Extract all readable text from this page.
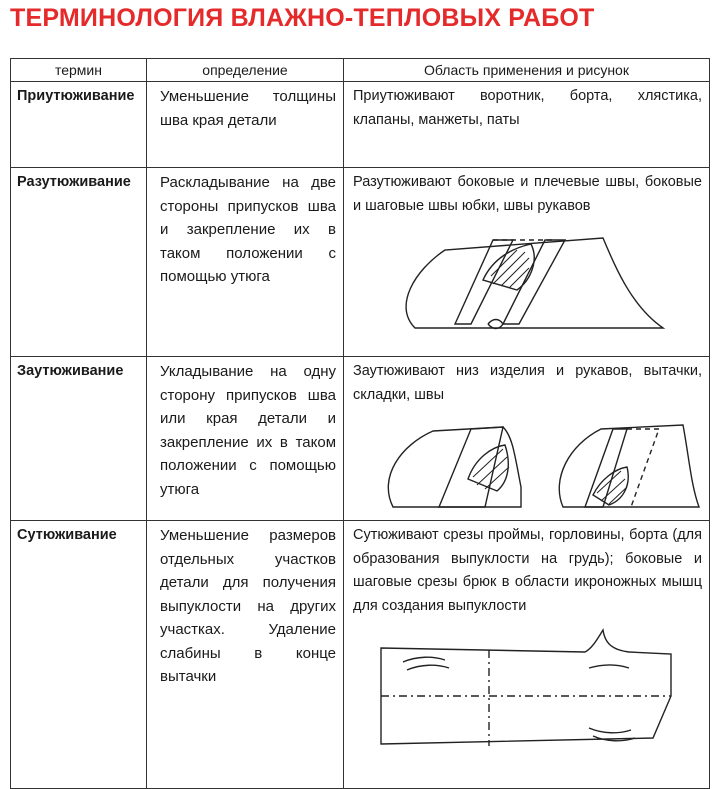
ТЕРМИНОЛОГИЯ ВЛАЖНО-ТЕПЛОВЫХ РАБОТ
термин	определение	Область применения и рисунок
Приутюживание	Уменьшение толщины шва края детали	Приутюживают воротник, борта, хлястика, клапаны, манжеты, паты

Разутюживание	Раскладывание на две стороны припусков шва и закрепление их в таком положении с помощью утюга	Разутюживают боковые и плечевые швы, боковые и шаговые швы юбки, швы рукавов

Заутюживание	Укладывание на одну сторону припусков шва или края детали и закрепление их в таком положении с помощью утюга	Заутюживают низ изделия и рукавов, вытачки, складки, швы

Сутюживание	Уменьшение размеров отдельных участков детали для получения выпуклости на других участках. Удаление слабины в конце вытачки	Сутюживают срезы проймы, горловины, борта (для образования выпуклости на грудь); боковые и шаговые срезы брюк в области икроножных мышц для создания выпуклости
